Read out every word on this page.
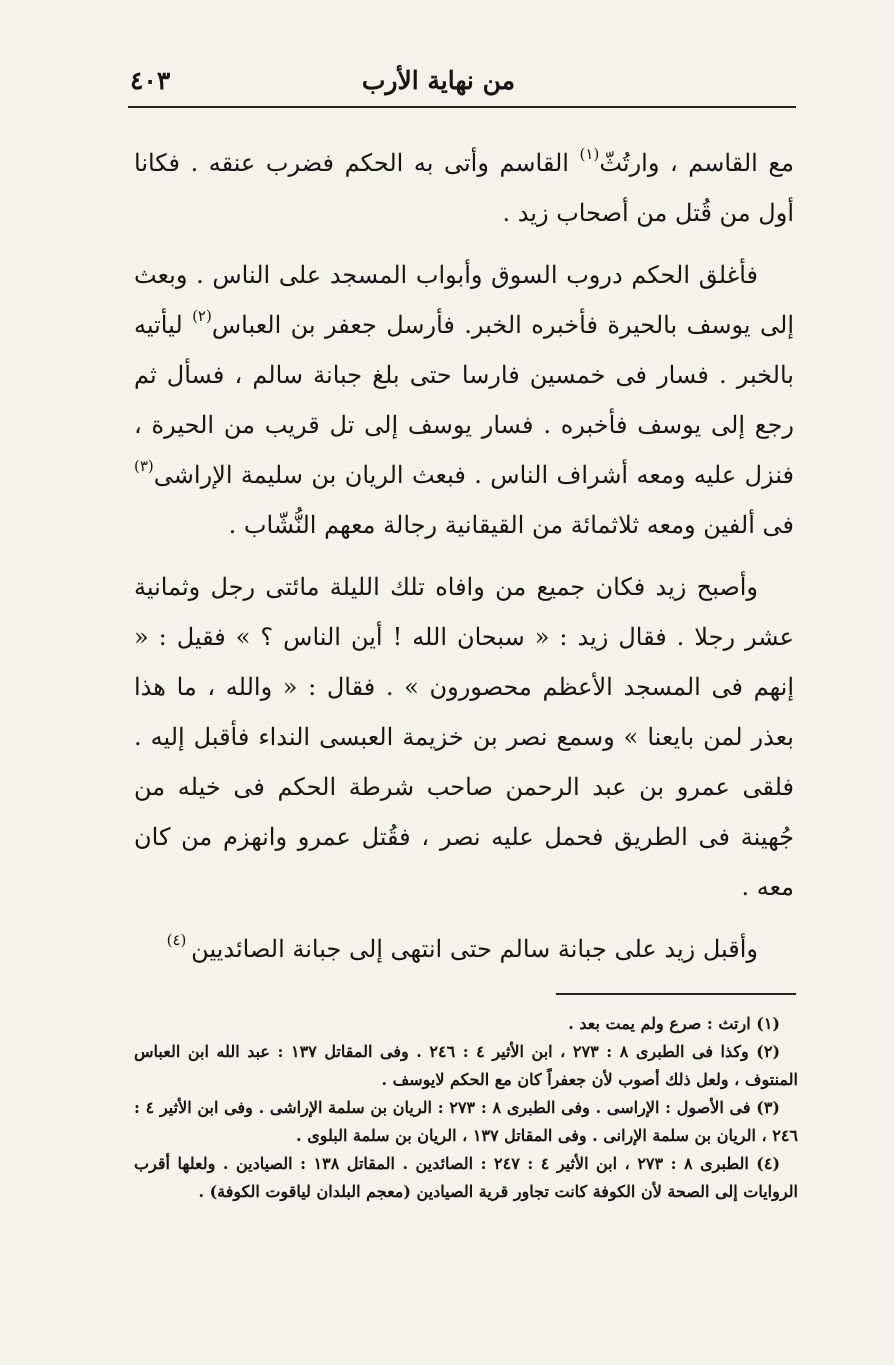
من نهاية الأرب
٤٠٣

مع القاسم ، وارتُثّ$^{(١)}$ القاسم وأتى به الحكم فضرب عنقه . فكانا أول من قُتل من أصحاب زيد .

فأغلق الحكم دروب السوق وأبواب المسجد على الناس . وبعث إلى يوسف بالحيرة فأخبره الخبر. فأرسل جعفر بن العباس$^{(٢)}$ ليأتيه بالخبر . فسار فى خمسين فارسا حتى بلغ جبانة سالم ، فسأل ثم رجع إلى يوسف فأخبره . فسار يوسف إلى تل قريب من الحيرة ، فنزل عليه ومعه أشراف الناس . فبعث الريان بن سليمة الإراشى$^{(٣)}$ فى ألفين ومعه ثلاثمائة من القيقانية رجالة معهم النُّشّاب .

وأصبح زيد فكان جميع من وافاه تلك الليلة مائتى رجل وثمانية عشر رجلا . فقال زيد : « سبحان الله ! أين الناس ؟ » فقيل : « إنهم فى المسجد الأعظم محصورون » . فقال : « والله ، ما هذا بعذر لمن بايعنا » وسمع نصر بن خزيمة العبسى النداء فأقبل إليه . فلقى عمرو بن عبد الرحمن صاحب شرطة الحكم فى خيله من جُهينة فى الطريق فحمل عليه نصر ، فقُتل عمرو وانهزم من كان معه .

وأقبل زيد على جبانة سالم حتى انتهى إلى جبانة الصائديين $^{(٤)}$

(١) ارتث : صرع ولم يمت بعد .

(٢) وكذا فى الطبرى ٨ : ٢٧٣ ، ابن الأثير ٤ : ٢٤٦ . وفى المقاتل ١٣٧ : عبد الله ابن العباس المنتوف ، ولعل ذلك أصوب لأن جعفراً كان مع الحكم لايوسف .

(٣) فى الأصول : الإراسى . وفى الطبرى ٨ : ٢٧٣ : الريان بن سلمة الإراشى . وفى ابن الأثير ٤ : ٢٤٦ ، الريان بن سلمة الإرانى . وفى المقاتل ١٣٧ ، الريان بن سلمة البلوى .

(٤) الطبرى ٨ : ٢٧٣ ، ابن الأثير ٤ : ٢٤٧ : الصائدين . المقاتل ١٣٨ : الصيادين . ولعلها أقرب الروايات إلى الصحة لأن الكوفة كانت تجاور قرية الصيادين (معجم البلدان لياقوت الكوفة) .
